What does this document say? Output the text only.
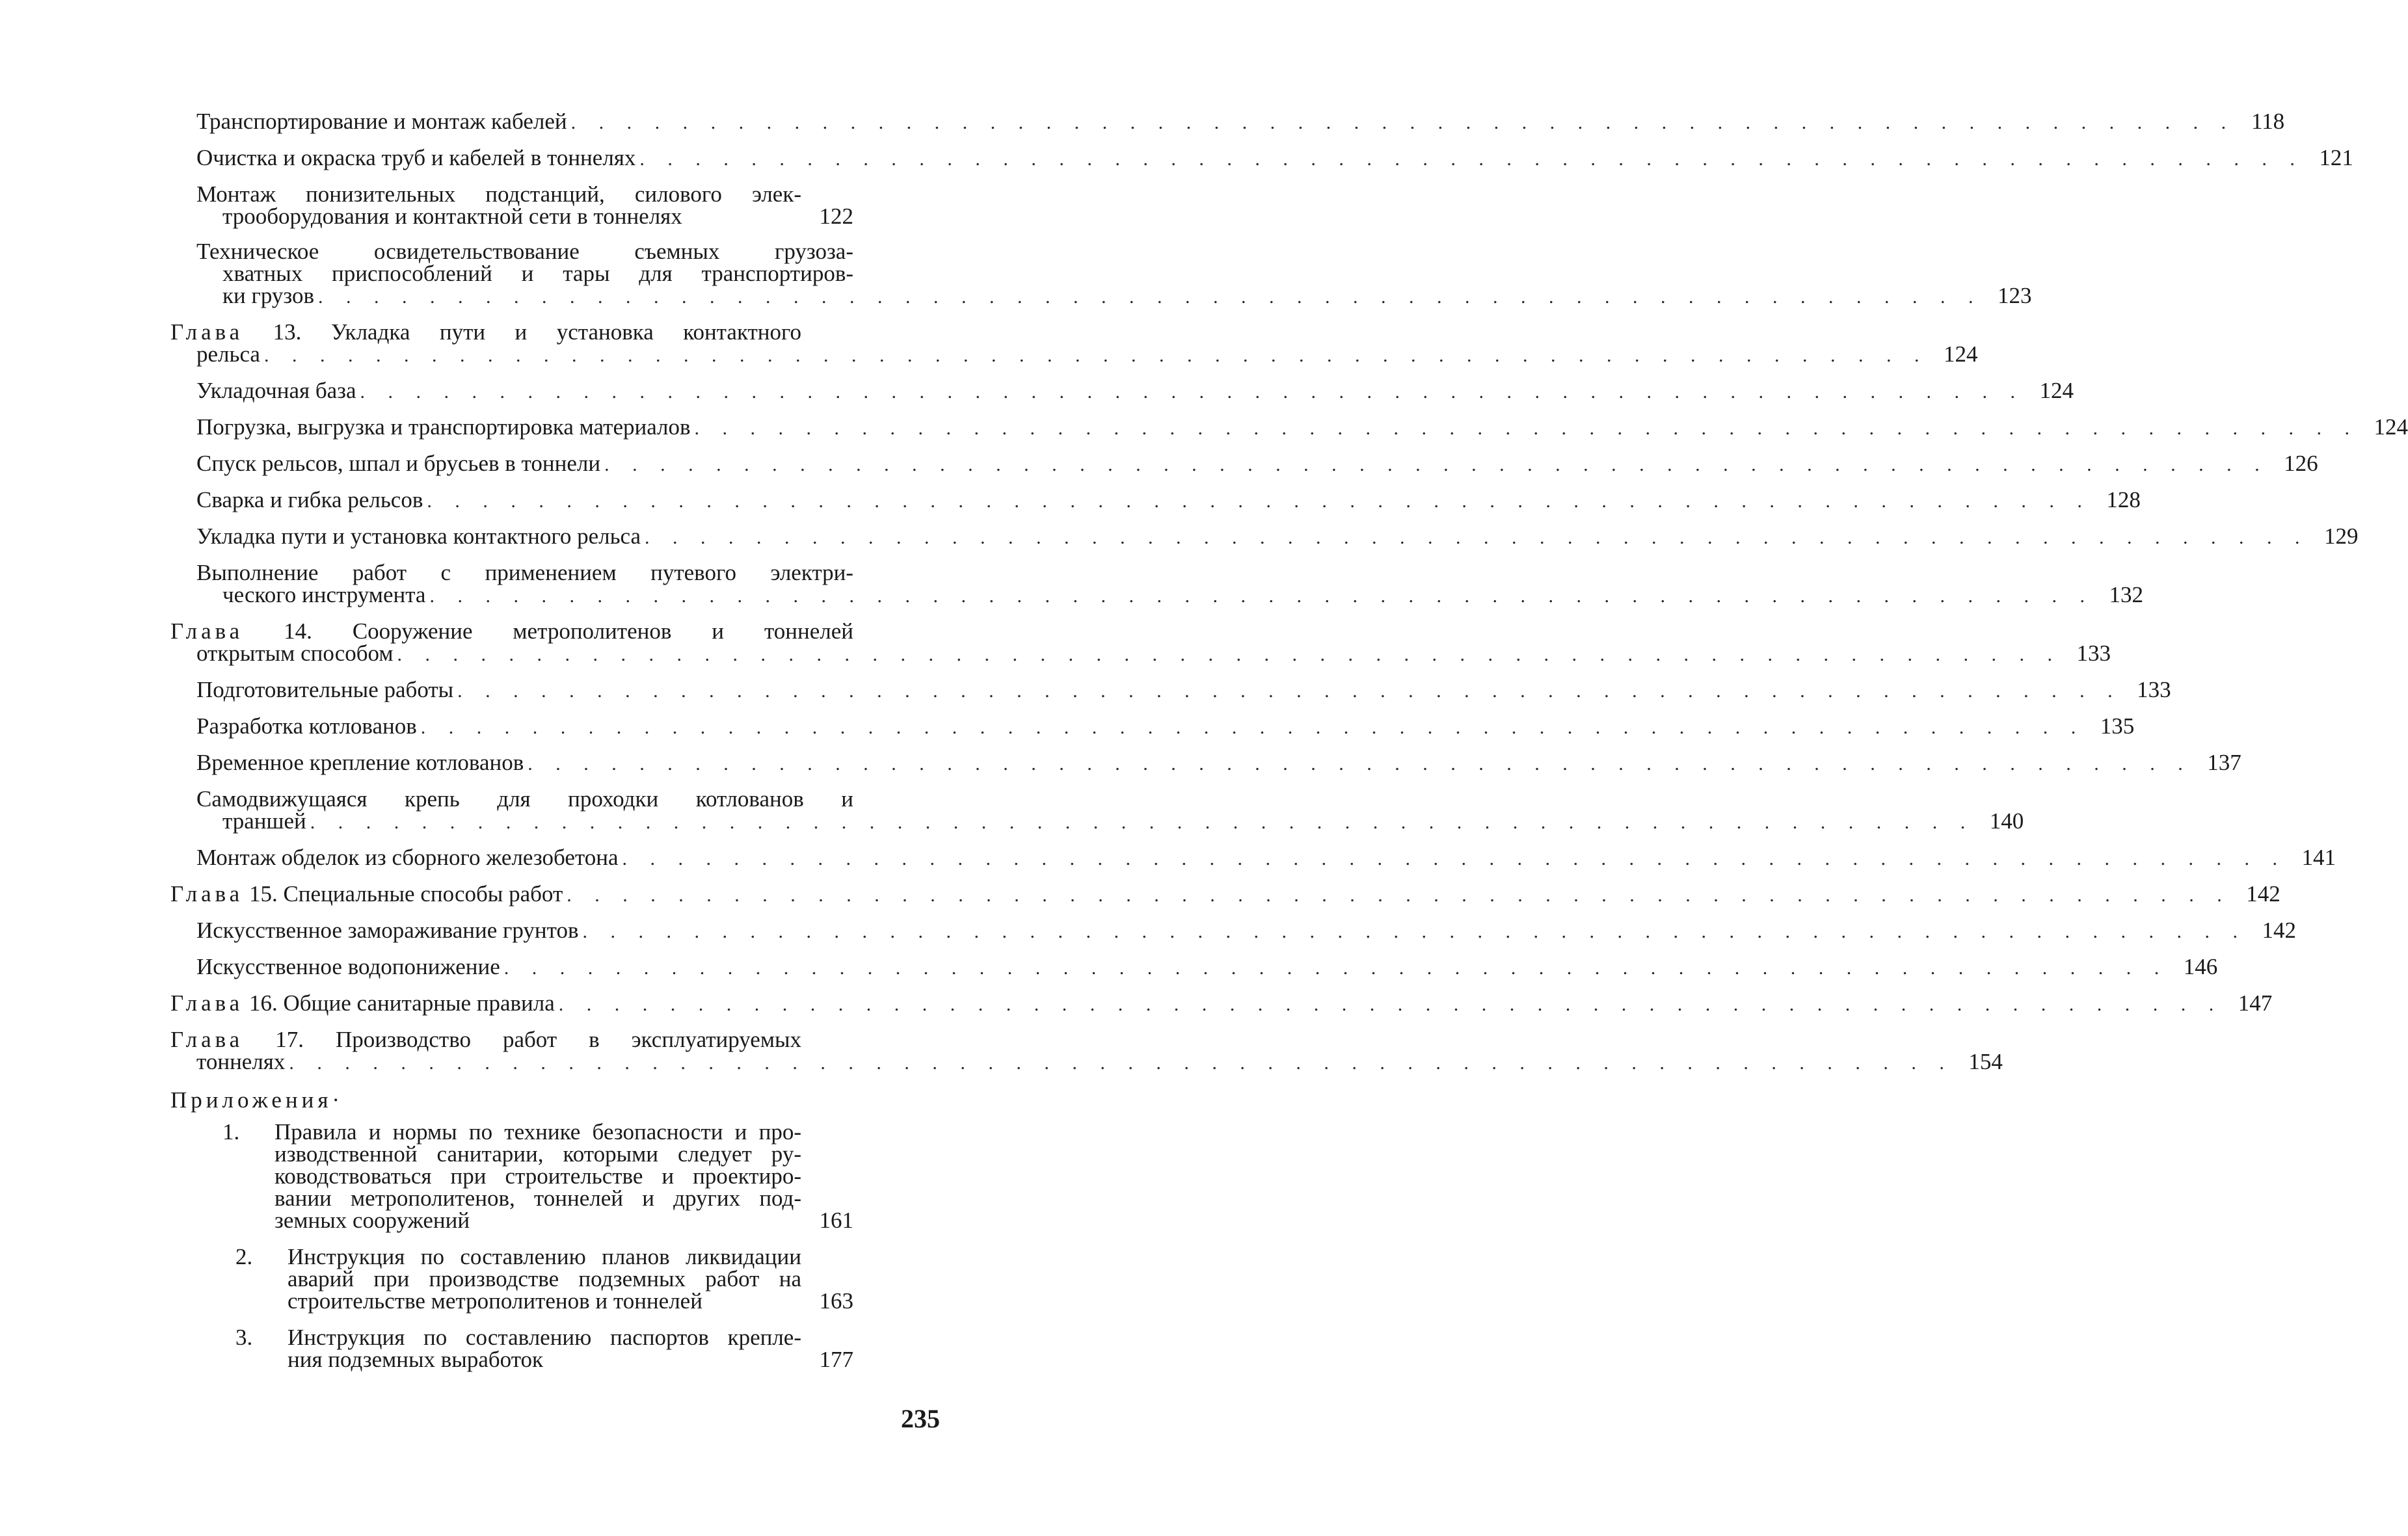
Транспортирование и монтаж кабелей . . .	118
Очистка и окраска труб и кабелей в тоннелях . . .	121
Монтаж понизительных подстанций, силового элек-
трооборудования и контактной сети в тоннелях	122
Техническое освидетельствование съемных грузоза-
хватных приспособлений и тары для транспортиров-
ки грузов . . .	123
Глава 13. Укладка пути и установка контактного
рельса . . .	124
Укладочная база . . .	124
Погрузка, выгрузка и транспортировка материалов . . .	124
Спуск рельсов, шпал и брусьев в тоннели . . .	126
Сварка и гибка рельсов . . .	128
Укладка пути и установка контактного рельса . . .	129
Выполнение работ с применением путевого электри-
ческого инструмента . . .	132
Глава 14. Сооружение метрополитенов и тоннелей
открытым способом . . .	133
Подготовительные работы . . .	133
Разработка котлованов . . .	135
Временное крепление котлованов . . .	137
Самодвижущаяся крепь для проходки котлованов и
траншей . . .	140
Монтаж обделок из сборного железобетона . . .	141
Глава 15. Специальные способы работ . . .	142
Искусственное замораживание грунтов . . .	142
Искусственное водопонижение . . .	146
Глава 16. Общие санитарные правила . . .	147
Глава 17. Производство работ в эксплуатируемых
тоннелях . . .	154
Приложения·
1. Правила и нормы по технике безопасности и про-
изводственной санитарии, которыми следует ру-
ководствоваться при строительстве и проектиро-
вании метрополитенов, тоннелей и других под-
земных сооружений	161
2. Инструкция по составлению планов ликвидации
аварий при производстве подземных работ на
строительстве метрополитенов и тоннелей	163
3. Инструкция по составлению паспортов крепле-
ния подземных выработок	177
235
